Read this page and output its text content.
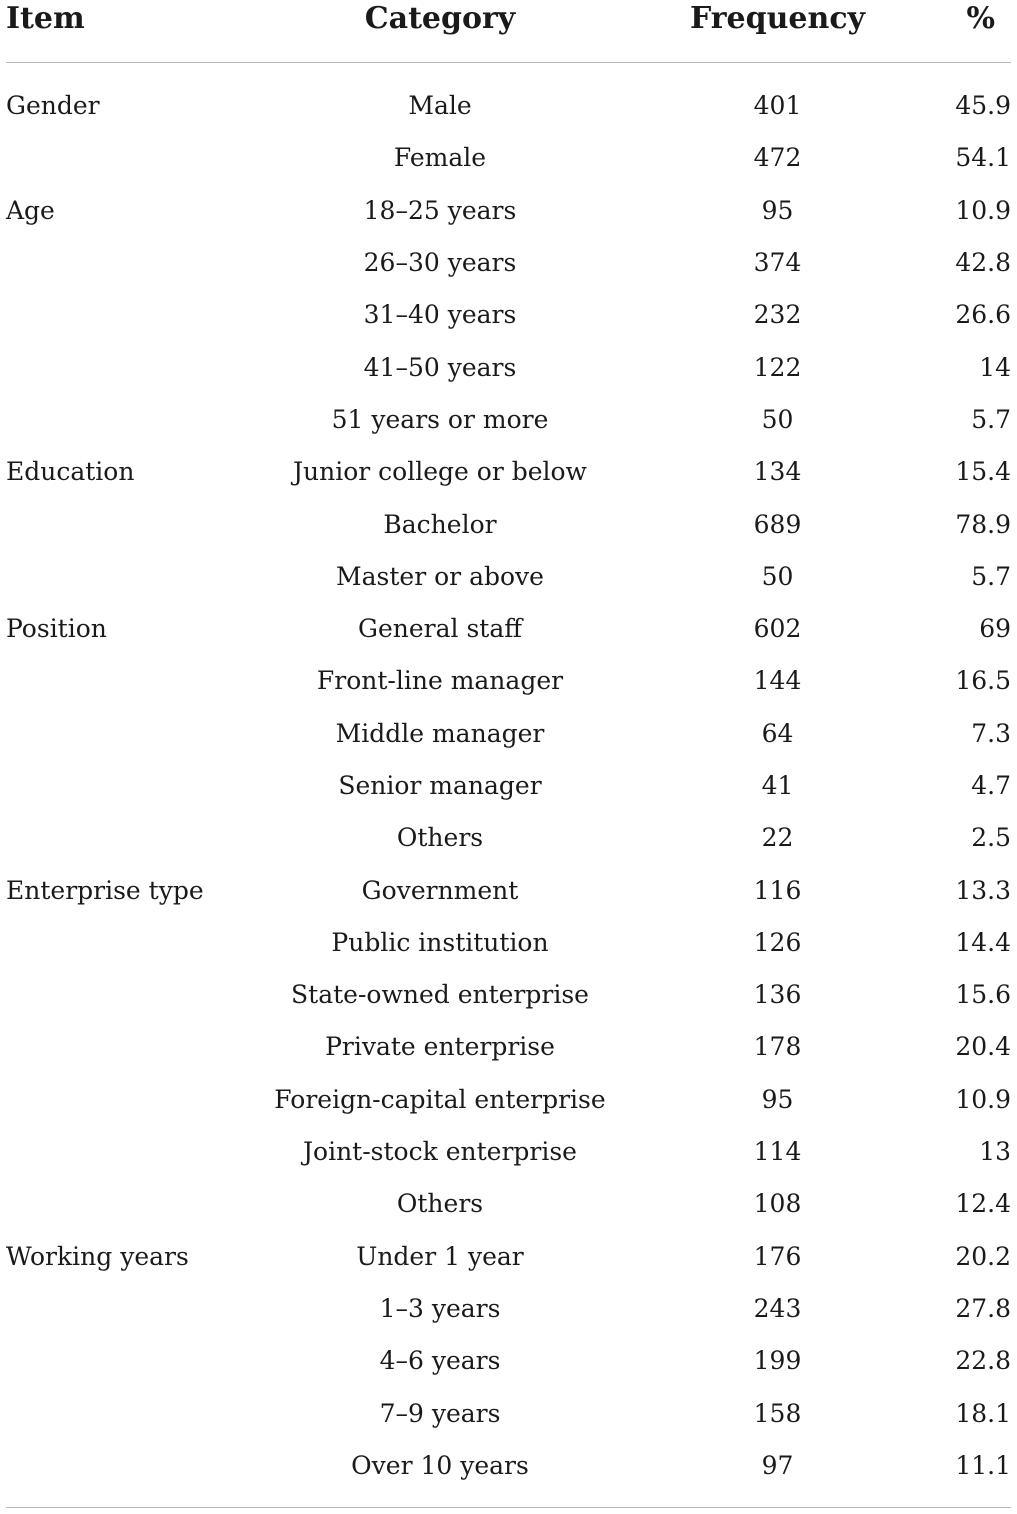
Item	Category	Frequency	%
Gender	Male	401	45.9
	Female	472	54.1
Age	18–25 years	95	10.9
	26–30 years	374	42.8
	31–40 years	232	26.6
	41–50 years	122	14
	51 years or more	50	5.7
Education	Junior college or below	134	15.4
	Bachelor	689	78.9
	Master or above	50	5.7
Position	General staff	602	69
	Front-line manager	144	16.5
	Middle manager	64	7.3
	Senior manager	41	4.7
	Others	22	2.5
Enterprise type	Government	116	13.3
	Public institution	126	14.4
	State-owned enterprise	136	15.6
	Private enterprise	178	20.4
	Foreign-capital enterprise	95	10.9
	Joint-stock enterprise	114	13
	Others	108	12.4
Working years	Under 1 year	176	20.2
	1–3 years	243	27.8
	4–6 years	199	22.8
	7–9 years	158	18.1
	Over 10 years	97	11.1
